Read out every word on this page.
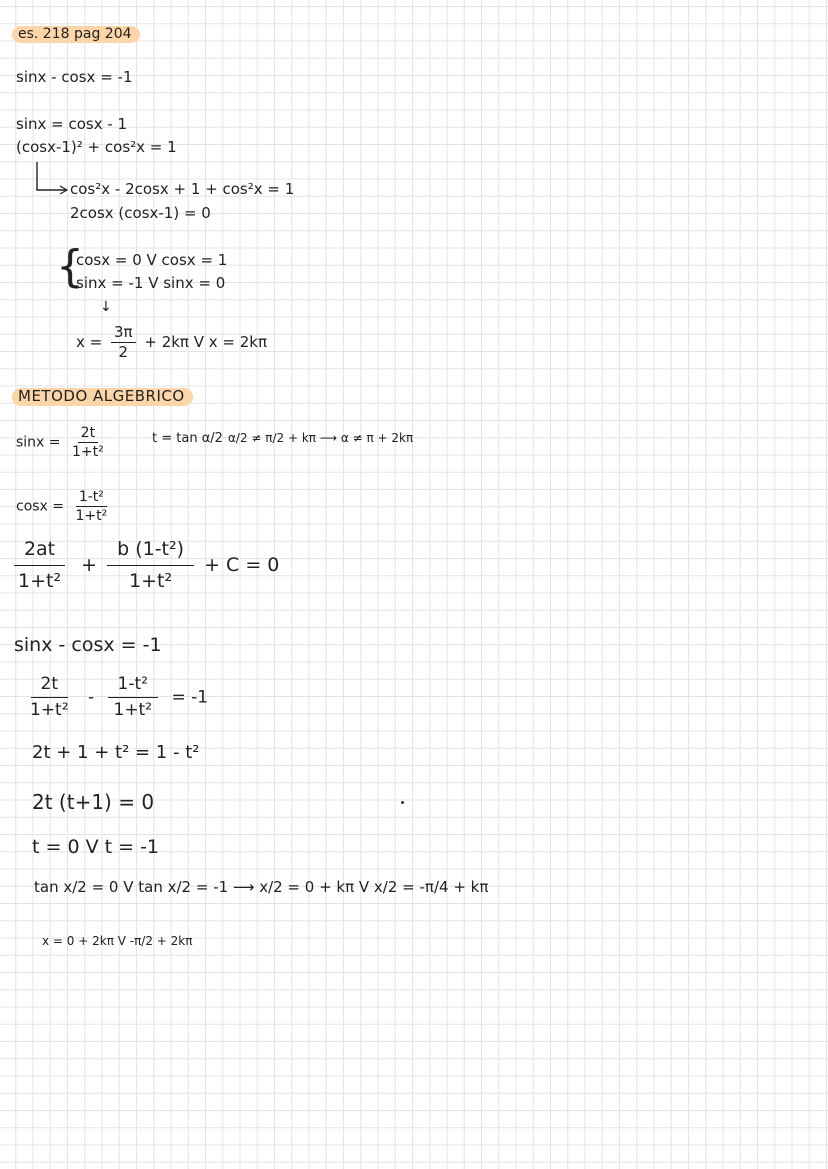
es. 218 pag 204
sinx - cosx = -1
sinx = cosx - 1
(cosx-1)² + cos²x = 1
cos²x - 2cosx + 1 + cos²x = 1
2cosx (cosx-1) = 0
{
cosx = 0 V cosx = 1
sinx = -1 V sinx = 0
↓
$x = \frac{3\pi}{2} + 2k\pi$ V x = 2kπ
METODO ALGEBRICO
$\sin x = \frac{2t}{\text{1+t²}}$	t = tan α/2 α/2 ≠ π/2 + kπ ⟶ α ≠ π + 2kπ
$\cos x = \frac{\text{1-t²}}{\text{1+t²}}$
$\frac{2at}{\text{1+t²}} + \frac{\text{b (1-t²)}}{\text{1+t²}} + C = 0$
sinx - cosx = -1
$\frac{2t}{\text{1+t²}} - \frac{\text{1-t²}}{\text{1+t²}} = -1$
2t + 1 + t² = 1 - t²
2t (t+1) = 0
t = 0 V t = -1
tan x/2 = 0 V tan x/2 = -1 ⟶ x/2 = 0 + kπ V x/2 = -π/4 + kπ
x = 0 + 2kπ V -π/2 + 2kπ
